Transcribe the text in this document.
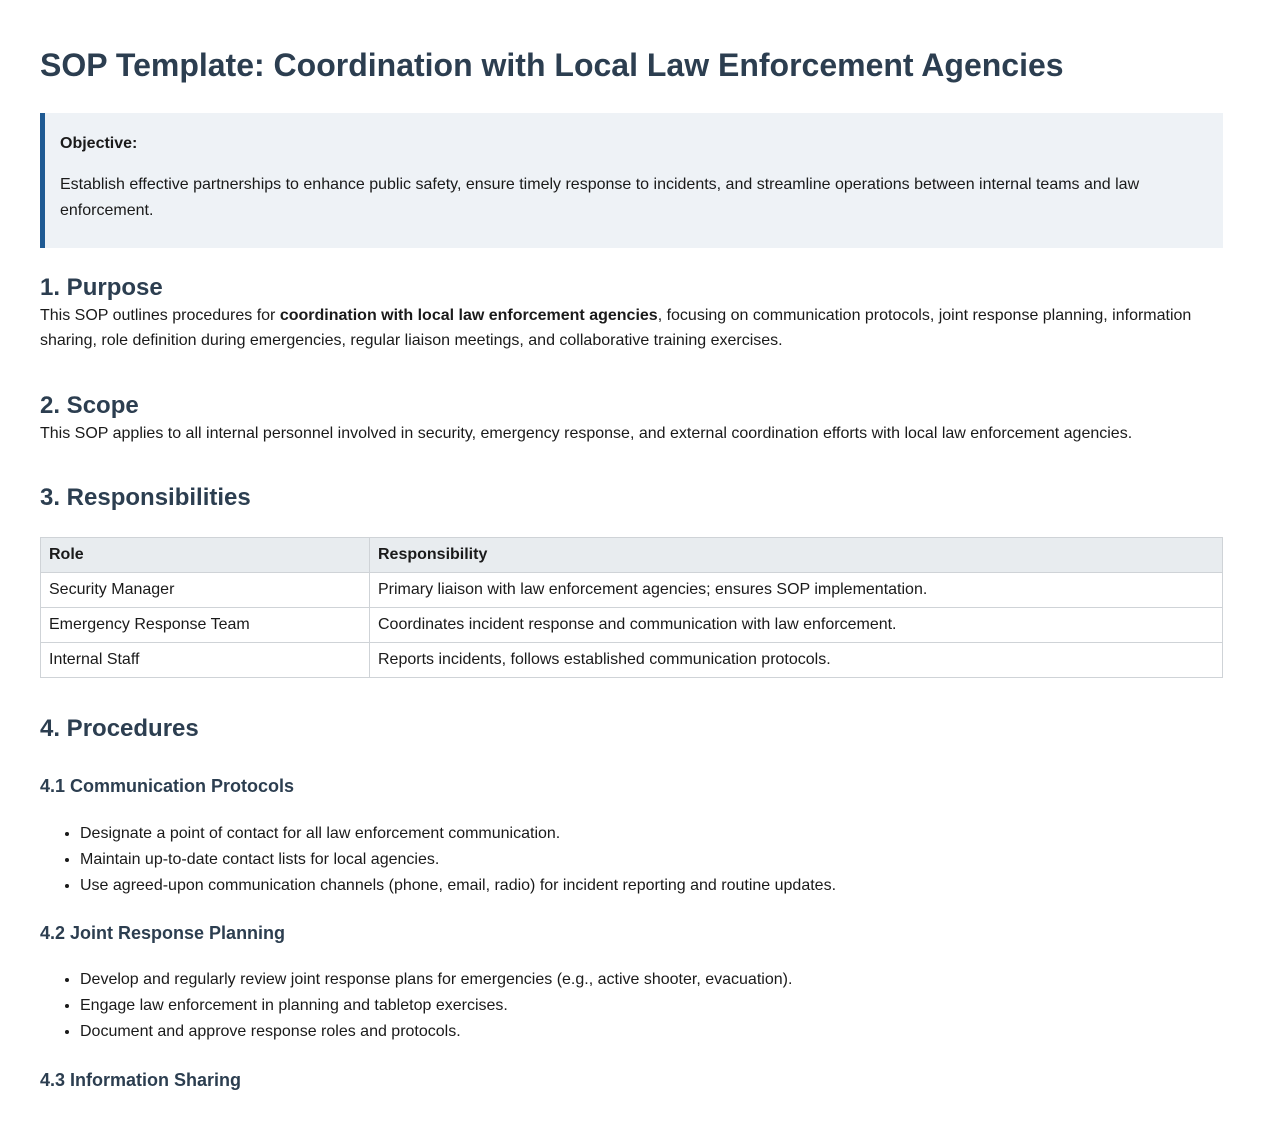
SOP Template: Coordination with Local Law Enforcement Agencies
Objective:

Establish effective partnerships to enhance public safety, ensure timely response to incidents, and streamline operations between internal teams and law enforcement.

1. Purpose

This SOP outlines procedures for coordination with local law enforcement agencies, focusing on communication protocols, joint response planning, information sharing, role definition during emergencies, regular liaison meetings, and collaborative training exercises.

2. Scope

This SOP applies to all internal personnel involved in security, emergency response, and external coordination efforts with local law enforcement agencies.

3. Responsibilities
Role	Responsibility
Security Manager	Primary liaison with law enforcement agencies; ensures SOP implementation.
Emergency Response Team	Coordinates incident response and communication with law enforcement.
Internal Staff	Reports incidents, follows established communication protocols.
4. Procedures
4.1 Communication Protocols
• Designate a point of contact for all law enforcement communication.
• Maintain up-to-date contact lists for local agencies.
• Use agreed-upon communication channels (phone, email, radio) for incident reporting and routine updates.
4.2 Joint Response Planning
• Develop and regularly review joint response plans for emergencies (e.g., active shooter, evacuation).
• Engage law enforcement in planning and tabletop exercises.
• Document and approve response roles and protocols.
4.3 Information Sharing
